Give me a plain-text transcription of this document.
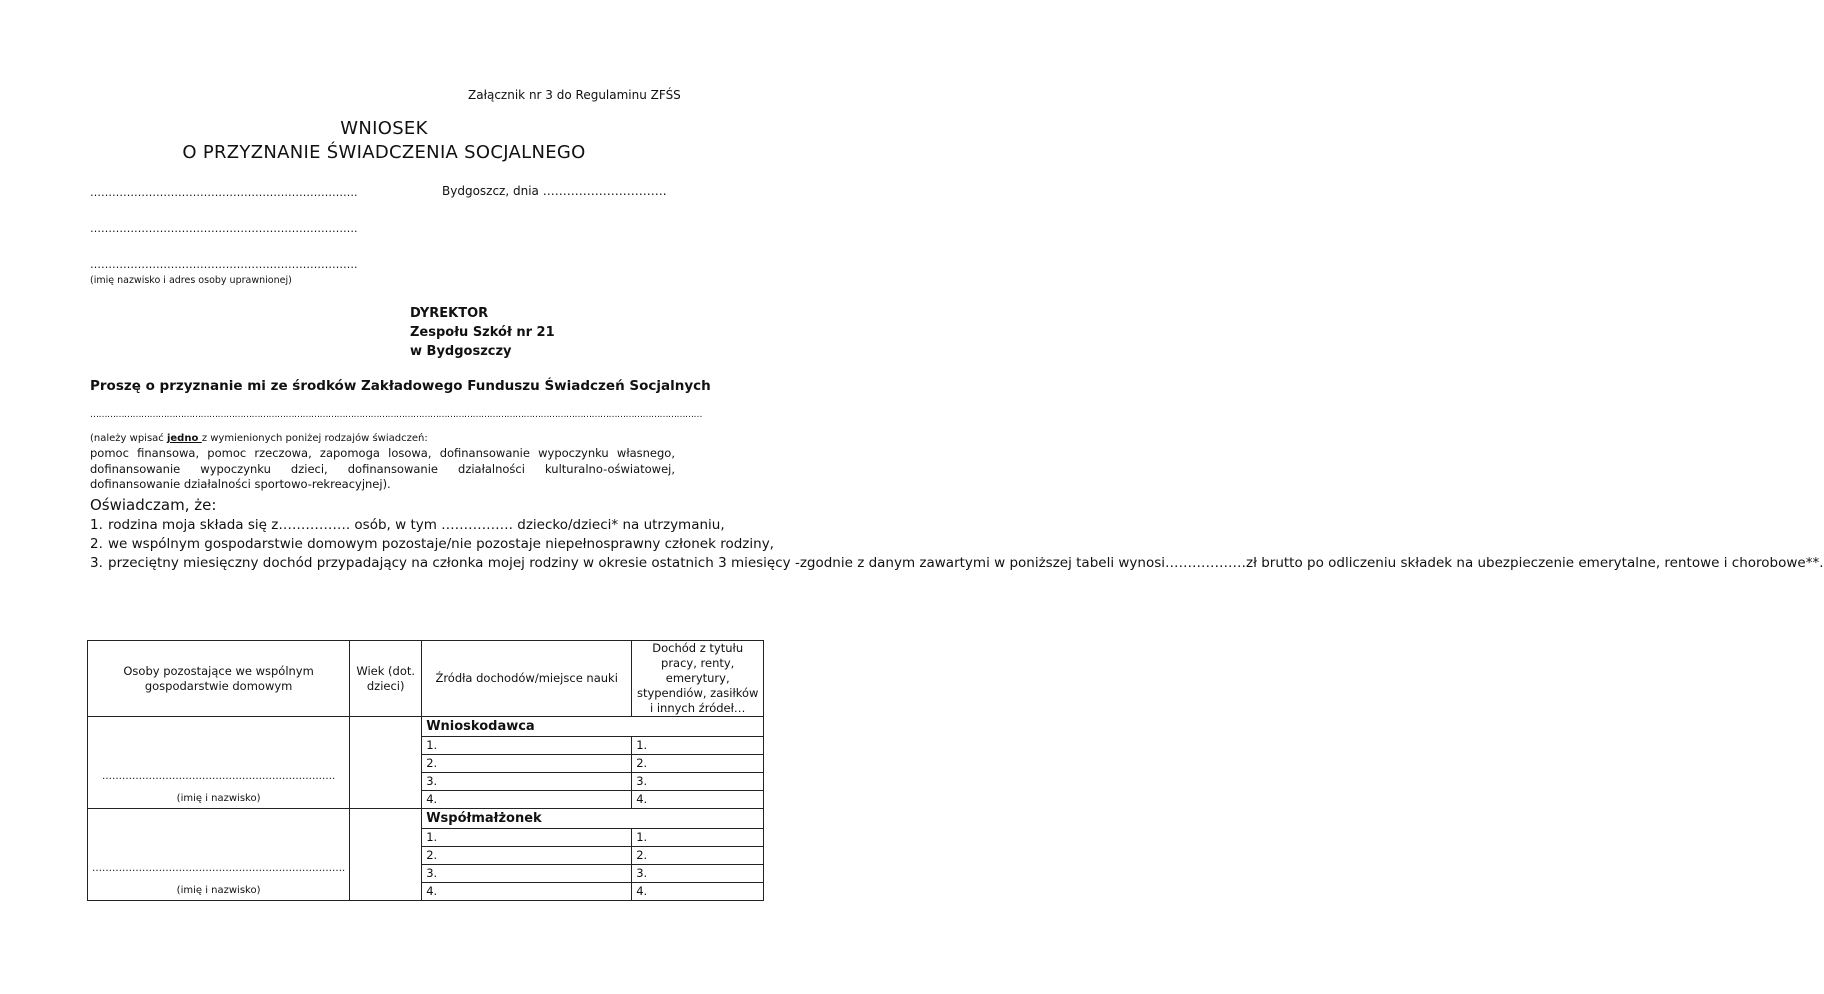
Załącznik nr 3 do Regulaminu ZFŚS
WNIOSEK
O PRZYZNANIE ŚWIADCZENIA SOCJALNEGO
……………………………………………………………….	Bydgoszcz, dnia ………………………….
……………………………………………………………….
……………………………………………………………….
(imię nazwisko i adres osoby uprawnionej)
DYREKTOR
Zespołu Szkół nr 21
w Bydgoszczy
Proszę o przyznanie mi ze środków Zakładowego Funduszu Świadczeń Socjalnych
………………………………………………………………………………………………………………………………………………………………………………………………
(należy wpisać jedno z wymienionych poniżej rodzajów świadczeń:
pomoc finansowa, pomoc rzeczowa, zapomoga losowa, dofinansowanie wypoczynku własnego, dofinansowanie wypoczynku dzieci, dofinansowanie działalności kulturalno-oświatowej, dofinansowanie działalności sportowo-rekreacyjnej).
Oświadczam, że:
1. rodzina moja składa się z……………. osób, w tym ……………. dziecko/dzieci* na utrzymaniu,
2. we wspólnym gospodarstwie domowym pozostaje/nie pozostaje niepełnosprawny członek rodziny,
3. przeciętny miesięczny dochód przypadający na członka mojej rodziny w okresie ostatnich 3 miesięcy -zgodnie z danym zawartymi w poniższej tabeli wynosi………………zł brutto po odliczeniu składek na ubezpieczenie emerytalne, rentowe i chorobowe**.
Osoby pozostające we wspólnym gospodarstwie domowym	Wiek (dot. dzieci)	Źródła dochodów/miejsce nauki	Dochód z tytułu pracy, renty, emerytury, stypendiów, zasiłków i innych źródeł…

…………………………………………………………….
(imię i nazwisko)		Wnioskodawca	
		1.	1.
		2.	2.
		3.	3.
		4.	4.

………………………………………………………………….
(imię i nazwisko)		Współmałżonek	
		1.	1.
		2.	2.
		3.	3.
		4.	4.
